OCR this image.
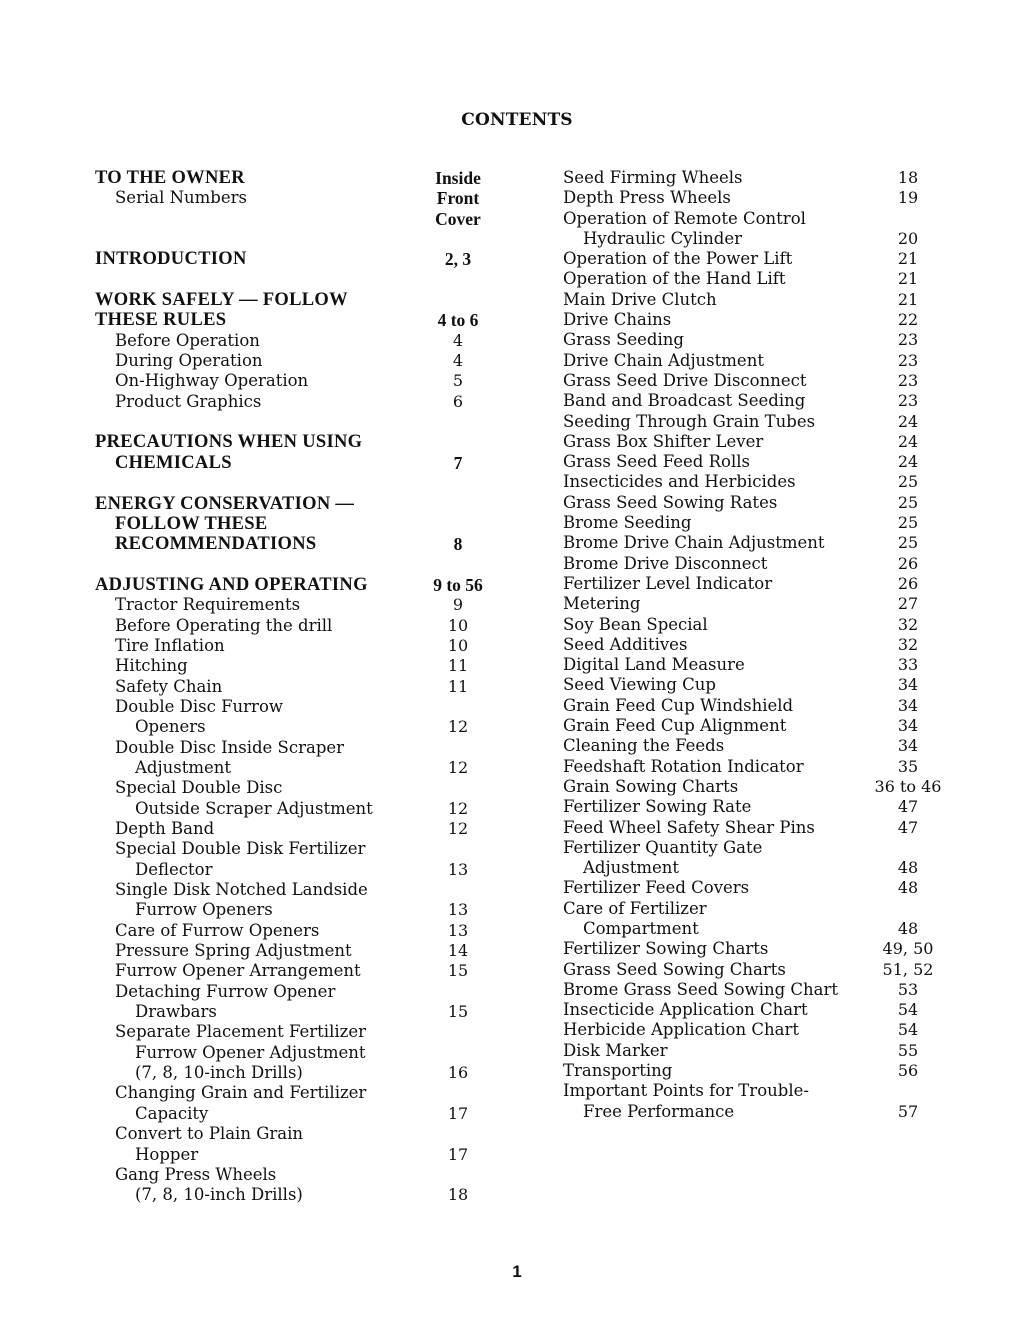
CONTENTS
TO THE OWNER	Inside
Serial Numbers	Front
Cover
INTRODUCTION	2, 3
WORK SAFELY — FOLLOW
THESE RULES	4 to 6
Before Operation	4
During Operation	4
On-Highway Operation	5
Product Graphics	6
PRECAUTIONS WHEN USING
CHEMICALS	7
ENERGY CONSERVATION —
FOLLOW THESE
RECOMMENDATIONS	8
ADJUSTING AND OPERATING	9 to 56
Tractor Requirements	9
Before Operating the drill	10
Tire Inflation	10
Hitching	11
Safety Chain	11
Double Disc Furrow
Openers	12
Double Disc Inside Scraper
Adjustment	12
Special Double Disc
Outside Scraper Adjustment	12
Depth Band	12
Special Double Disk Fertilizer
Deflector	13
Single Disk Notched Landside
Furrow Openers	13
Care of Furrow Openers	13
Pressure Spring Adjustment	14
Furrow Opener Arrangement	15
Detaching Furrow Opener
Drawbars	15
Separate Placement Fertilizer
Furrow Opener Adjustment
(7, 8, 10-inch Drills)	16
Changing Grain and Fertilizer
Capacity	17
Convert to Plain Grain
Hopper	17
Gang Press Wheels
(7, 8, 10-inch Drills)	18
Seed Firming Wheels	18
Depth Press Wheels	19
Operation of Remote Control
Hydraulic Cylinder	20
Operation of the Power Lift	21
Operation of the Hand Lift	21
Main Drive Clutch	21
Drive Chains	22
Grass Seeding	23
Drive Chain Adjustment	23
Grass Seed Drive Disconnect	23
Band and Broadcast Seeding	23
Seeding Through Grain Tubes	24
Grass Box Shifter Lever	24
Grass Seed Feed Rolls	24
Insecticides and Herbicides	25
Grass Seed Sowing Rates	25
Brome Seeding	25
Brome Drive Chain Adjustment	25
Brome Drive Disconnect	26
Fertilizer Level Indicator	26
Metering	27
Soy Bean Special	32
Seed Additives	32
Digital Land Measure	33
Seed Viewing Cup	34
Grain Feed Cup Windshield	34
Grain Feed Cup Alignment	34
Cleaning the Feeds	34
Feedshaft Rotation Indicator	35
Grain Sowing Charts	36 to 46
Fertilizer Sowing Rate	47
Feed Wheel Safety Shear Pins	47
Fertilizer Quantity Gate
Adjustment	48
Fertilizer Feed Covers	48
Care of Fertilizer
Compartment	48
Fertilizer Sowing Charts	49, 50
Grass Seed Sowing Charts	51, 52
Brome Grass Seed Sowing Chart	53
Insecticide Application Chart	54
Herbicide Application Chart	54
Disk Marker	55
Transporting	56
Important Points for Trouble-
Free Performance	57
1
